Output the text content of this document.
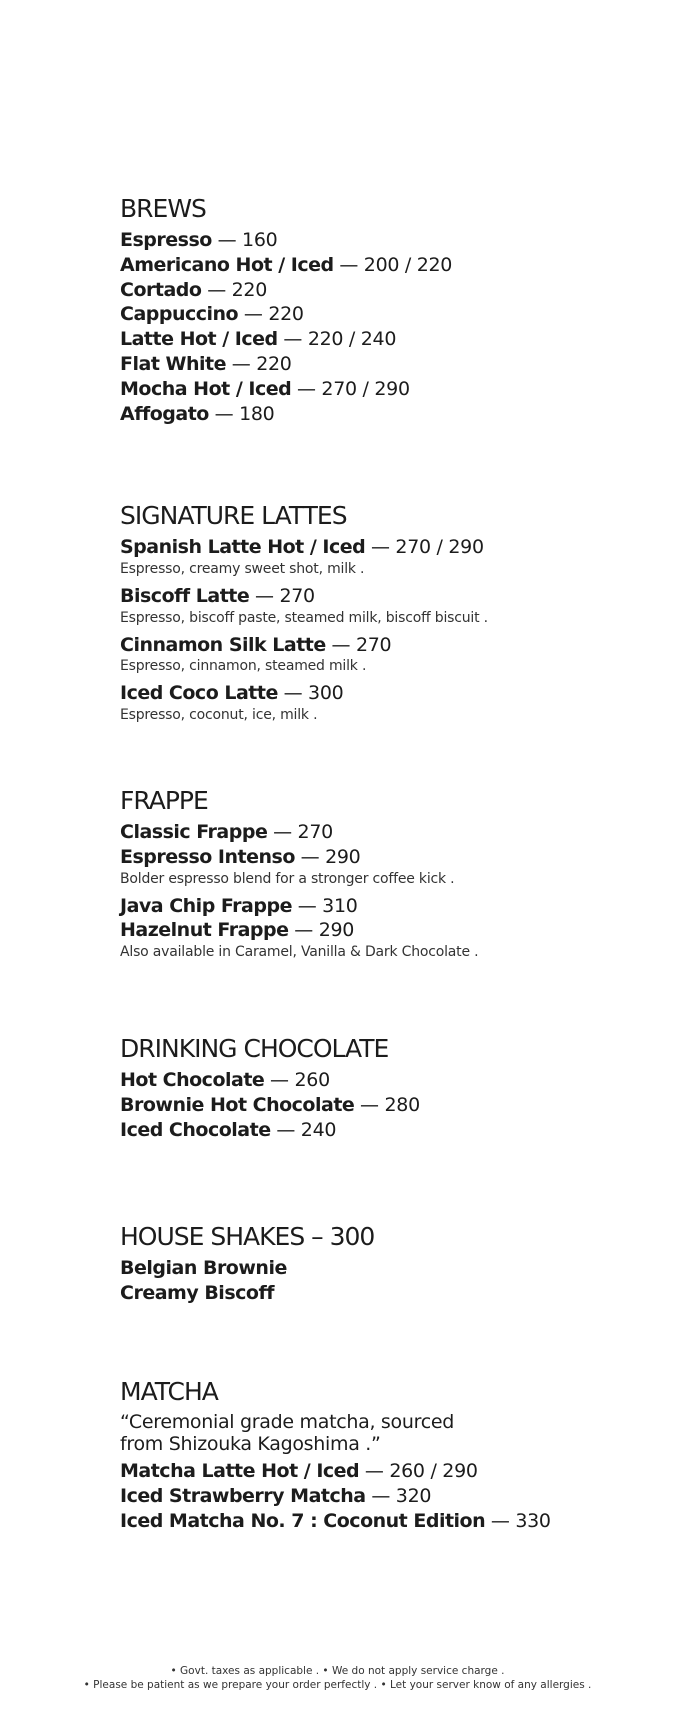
BREWS
Espresso — 160
Americano Hot / Iced — 200 / 220
Cortado — 220
Cappuccino — 220
Latte Hot / Iced — 220 / 240
Flat White — 220
Mocha Hot / Iced — 270 / 290
Affogato — 180
SIGNATURE LATTES
Spanish Latte Hot / Iced — 270 / 290
Espresso, creamy sweet shot, milk .
Biscoff Latte — 270
Espresso, biscoff paste, steamed milk, biscoff biscuit .
Cinnamon Silk Latte — 270
Espresso, cinnamon, steamed milk .
Iced Coco Latte — 300
Espresso, coconut, ice, milk .
FRAPPE
Classic Frappe — 270
Espresso Intenso — 290
Bolder espresso blend for a stronger coffee kick .
Java Chip Frappe — 310
Hazelnut Frappe — 290
Also available in Caramel, Vanilla & Dark Chocolate .
DRINKING CHOCOLATE
Hot Chocolate — 260
Brownie Hot Chocolate — 280
Iced Chocolate — 240
HOUSE SHAKES – 300
Belgian Brownie
Creamy Biscoff
MATCHA
“Ceremonial grade matcha, sourced from Shizouka Kagoshima .”
Matcha Latte Hot / Iced — 260 / 290
Iced Strawberry Matcha — 320
Iced Matcha No. 7 : Coconut Edition — 330
• Govt. taxes as applicable . • We do not apply service charge .
• Please be patient as we prepare your order perfectly . • Let your server know of any allergies .
